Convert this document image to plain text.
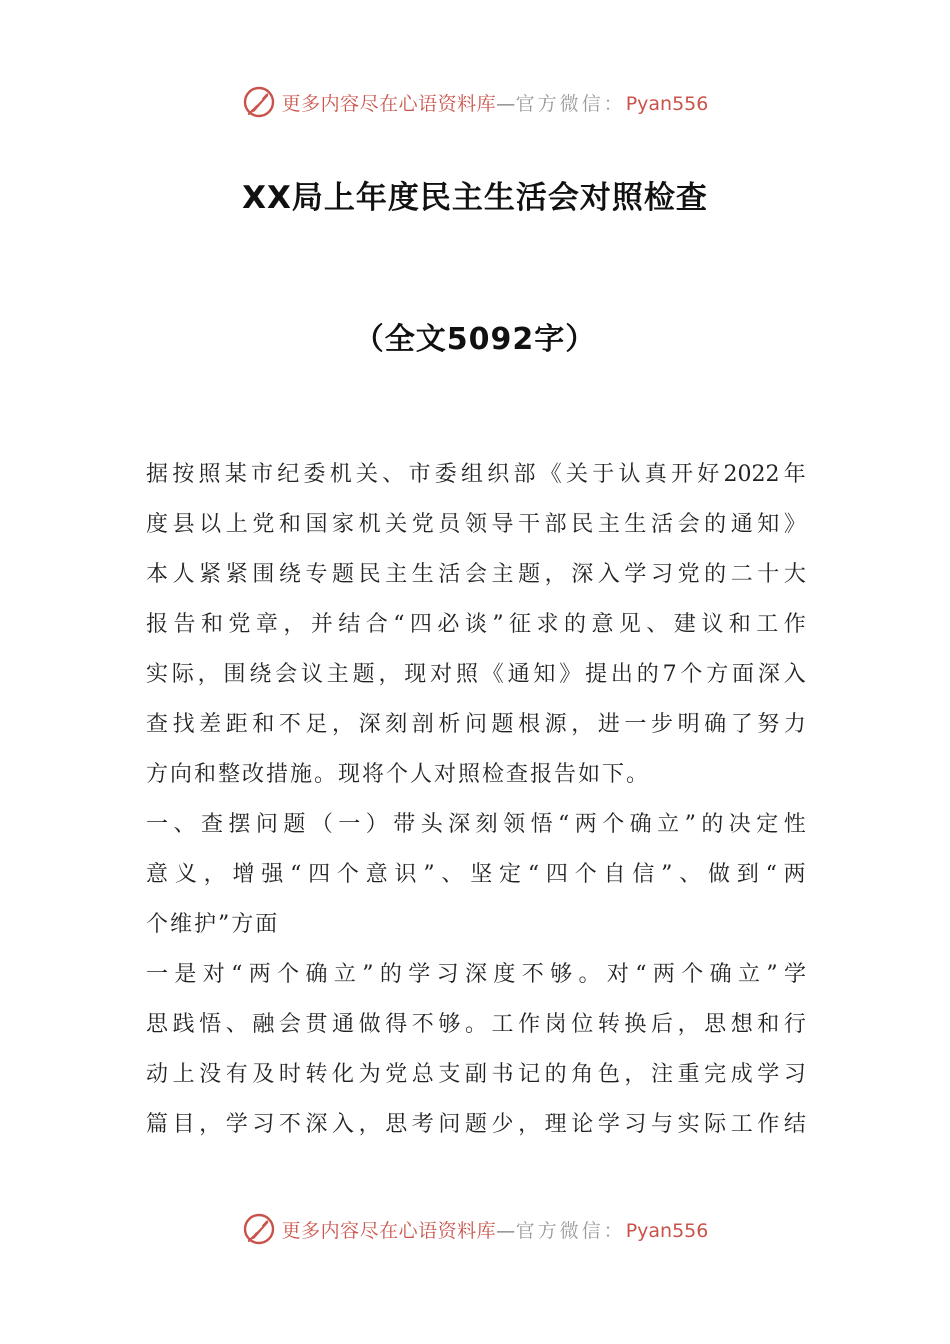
更多内容尽在心语资料库—官方微信：Pyan556
XX局上年度民主生活会对照检查
（全文5092字）
据 按 照 某 市 纪 委 机 关 、 市 委 组 织 部 《 关 于 认 真 开 好 2022 年
度 县 以 上 党 和 国 家 机 关 党 员 领 导 干 部 民 主 生 活 会 的 通 知 》
本 人 紧 紧 围 绕 专 题 民 主 生 活 会 主 题 ， 深 入 学 习 党 的 二 十 大
报 告 和 党 章 ， 并 结 合 “ 四 必 谈 ” 征 求 的 意 见 、 建 议 和 工 作
实 际 ， 围 绕 会 议 主 题 ， 现 对 照 《 通 知 》 提 出 的 7 个 方 面 深 入
查 找 差 距 和 不 足 ， 深 刻 剖 析 问 题 根 源 ， 进 一 步 明 确 了 努 力
方向和整改措施。现将个人对照检查报告如下。
一 、 查 摆 问 题 （ 一 ） 带 头 深 刻 领 悟 “ 两 个 确 立 ” 的 决 定 性
意 义 ， 增 强 “ 四 个 意 识 ” 、 坚 定 “ 四 个 自 信 ” 、 做 到 “ 两
个维护”方面
一 是 对 “ 两 个 确 立 ” 的 学 习 深 度 不 够 。 对 “ 两 个 确 立 ” 学
思 践 悟 、 融 会 贯 通 做 得 不 够 。 工 作 岗 位 转 换 后 ， 思 想 和 行
动 上 没 有 及 时 转 化 为 党 总 支 副 书 记 的 角 色 ， 注 重 完 成 学 习
篇 目 ， 学 习 不 深 入 ， 思 考 问 题 少 ， 理 论 学 习 与 实 际 工 作 结
更多内容尽在心语资料库—官方微信：Pyan556
